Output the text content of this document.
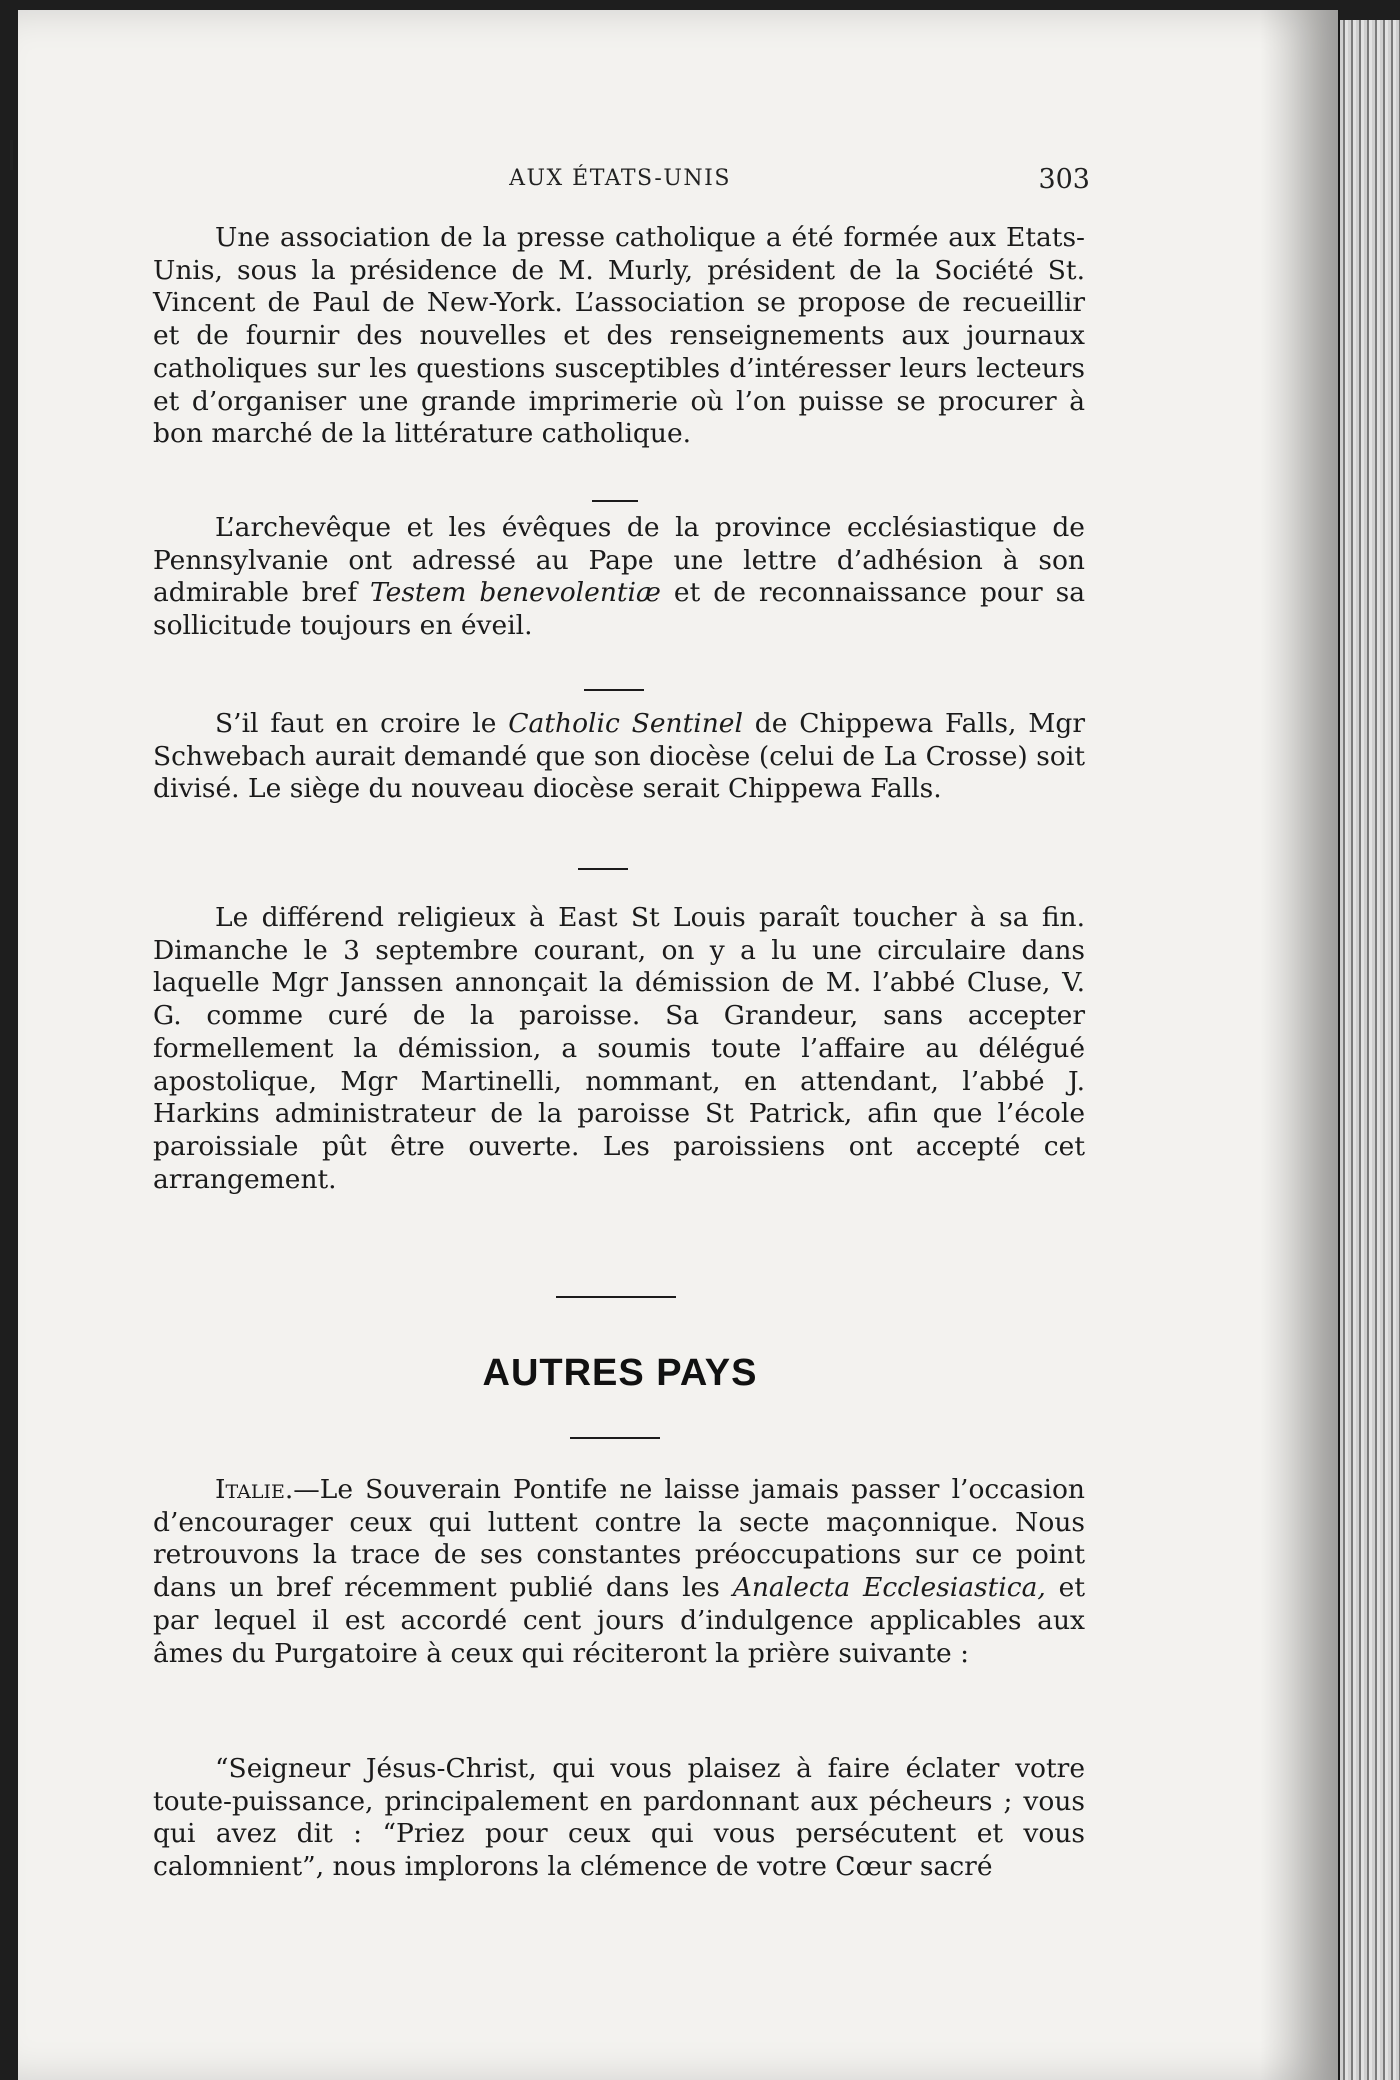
AUX ÉTATS-UNIS	303

Une association de la presse catholique a été formée aux Etats-Unis, sous la présidence de M. Murly, président de la Société St. Vincent de Paul de New-York. L’association se propose de recueillir et de fournir des nouvelles et des renseignements aux journaux catholiques sur les questions susceptibles d’intéresser leurs lecteurs et d’organiser une grande imprimerie où l’on puisse se procurer à bon marché de la littérature catholique.

L’archevêque et les évêques de la province ecclésiastique de Pennsylvanie ont adressé au Pape une lettre d’adhésion à son admirable bref Testem benevolentiæ et de reconnaissance pour sa sollicitude toujours en éveil.

S’il faut en croire le Catholic Sentinel de Chippewa Falls, Mgr Schwebach aurait demandé que son diocèse (celui de La Crosse) soit divisé. Le siège du nouveau diocèse serait Chippewa Falls.

Le différend religieux à East St Louis paraît toucher à sa fin. Dimanche le 3 septembre courant, on y a lu une circulaire dans laquelle Mgr Janssen annonçait la démission de M. l’abbé Cluse, V. G. comme curé de la paroisse. Sa Grandeur, sans accepter formellement la démission, a soumis toute l’affaire au délégué apostolique, Mgr Martinelli, nommant, en attendant, l’abbé J. Harkins administrateur de la paroisse St Patrick, afin que l’école paroissiale pût être ouverte. Les paroissiens ont accepté cet arrangement.

AUTRES PAYS

Italie.—Le Souverain Pontife ne laisse jamais passer l’occasion d’encourager ceux qui luttent contre la secte maçonnique. Nous retrouvons la trace de ses constantes préoccupations sur ce point dans un bref récemment publié dans les Analecta Ecclesiastica, et par lequel il est accordé cent jours d’indulgence applicables aux âmes du Purgatoire à ceux qui réciteront la prière suivante :

“Seigneur Jésus-Christ, qui vous plaisez à faire éclater votre toute-puissance, principalement en pardonnant aux pécheurs ; vous qui avez dit : “Priez pour ceux qui vous persécutent et vous calomnient”, nous implorons la clémence de votre Cœur sacré
